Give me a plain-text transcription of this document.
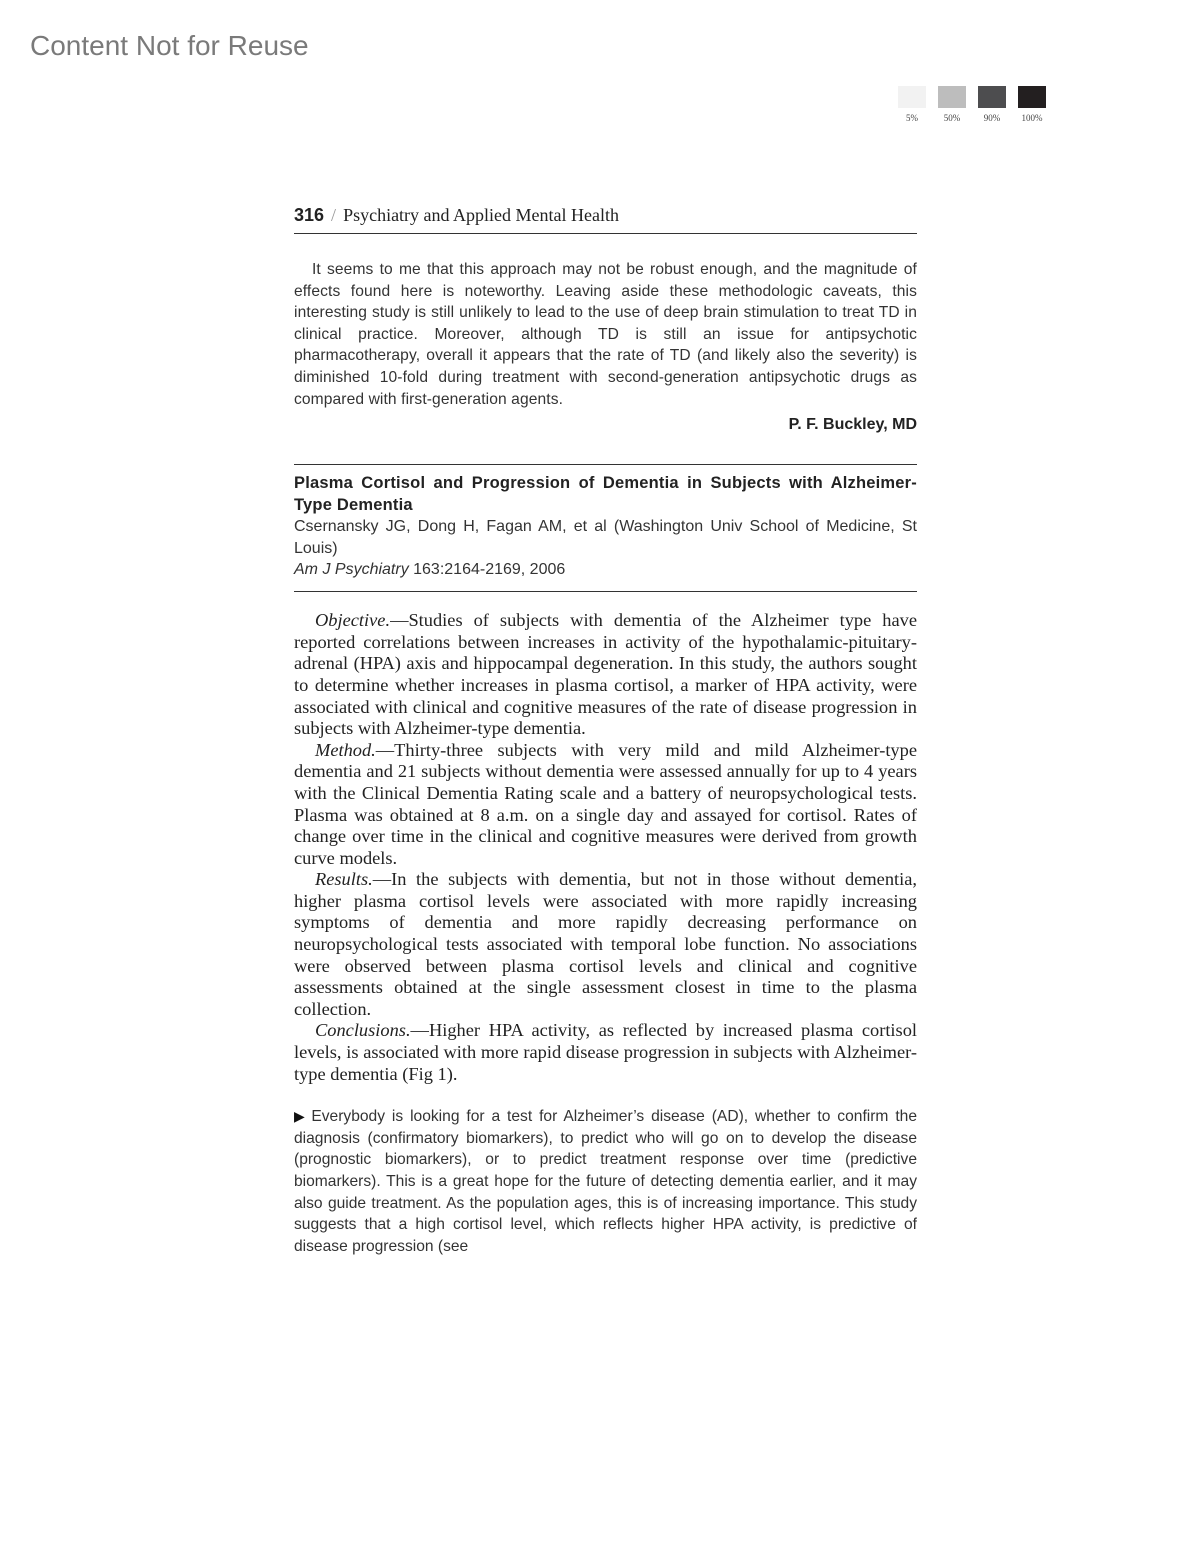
Content Not for Reuse
5%	50%	90% 100%
316 / Psychiatry and Applied Mental Health
It seems to me that this approach may not be robust enough, and the magnitude of effects found here is noteworthy. Leaving aside these methodologic caveats, this interesting study is still unlikely to lead to the use of deep brain stimulation to treat TD in clinical practice. Moreover, although TD is still an issue for antipsychotic pharmacotherapy, overall it appears that the rate of TD (and likely also the severity) is diminished 10-fold during treatment with second-generation antipsychotic drugs as compared with first-generation agents.
P. F. Buckley, MD
Plasma Cortisol and Progression of Dementia in Subjects with Alzheimer-Type Dementia
Csernansky JG, Dong H, Fagan AM, et al (Washington Univ School of Medicine, St Louis)
Am J Psychiatry 163:2164-2169, 2006

Objective.—Studies of subjects with dementia of the Alzheimer type have reported correlations between increases in activity of the hypothalamic-pituitary-adrenal (HPA) axis and hippocampal degeneration. In this study, the authors sought to determine whether increases in plasma cortisol, a marker of HPA activity, were associated with clinical and cognitive measures of the rate of disease progression in subjects with Alzheimer-type dementia.

Method.—Thirty-three subjects with very mild and mild Alzheimer-type dementia and 21 subjects without dementia were assessed annually for up to 4 years with the Clinical Dementia Rating scale and a battery of neuropsychological tests. Plasma was obtained at 8 a.m. on a single day and assayed for cortisol. Rates of change over time in the clinical and cognitive measures were derived from growth curve models.

Results.—In the subjects with dementia, but not in those without dementia, higher plasma cortisol levels were associated with more rapidly increasing symptoms of dementia and more rapidly decreasing performance on neuropsychological tests associated with temporal lobe function. No associations were observed between plasma cortisol levels and clinical and cognitive assessments obtained at the single assessment closest in time to the plasma collection.

Conclusions.—Higher HPA activity, as reflected by increased plasma cortisol levels, is associated with more rapid disease progression in subjects with Alzheimer-type dementia (Fig 1).

▶ Everybody is looking for a test for Alzheimer’s disease (AD), whether to confirm the diagnosis (confirmatory biomarkers), to predict who will go on to develop the disease (prognostic biomarkers), or to predict treatment response over time (predictive biomarkers). This is a great hope for the future of detecting dementia earlier, and it may also guide treatment. As the population ages, this is of increasing importance. This study suggests that a high cortisol level, which reflects higher HPA activity, is predictive of disease progression (see
